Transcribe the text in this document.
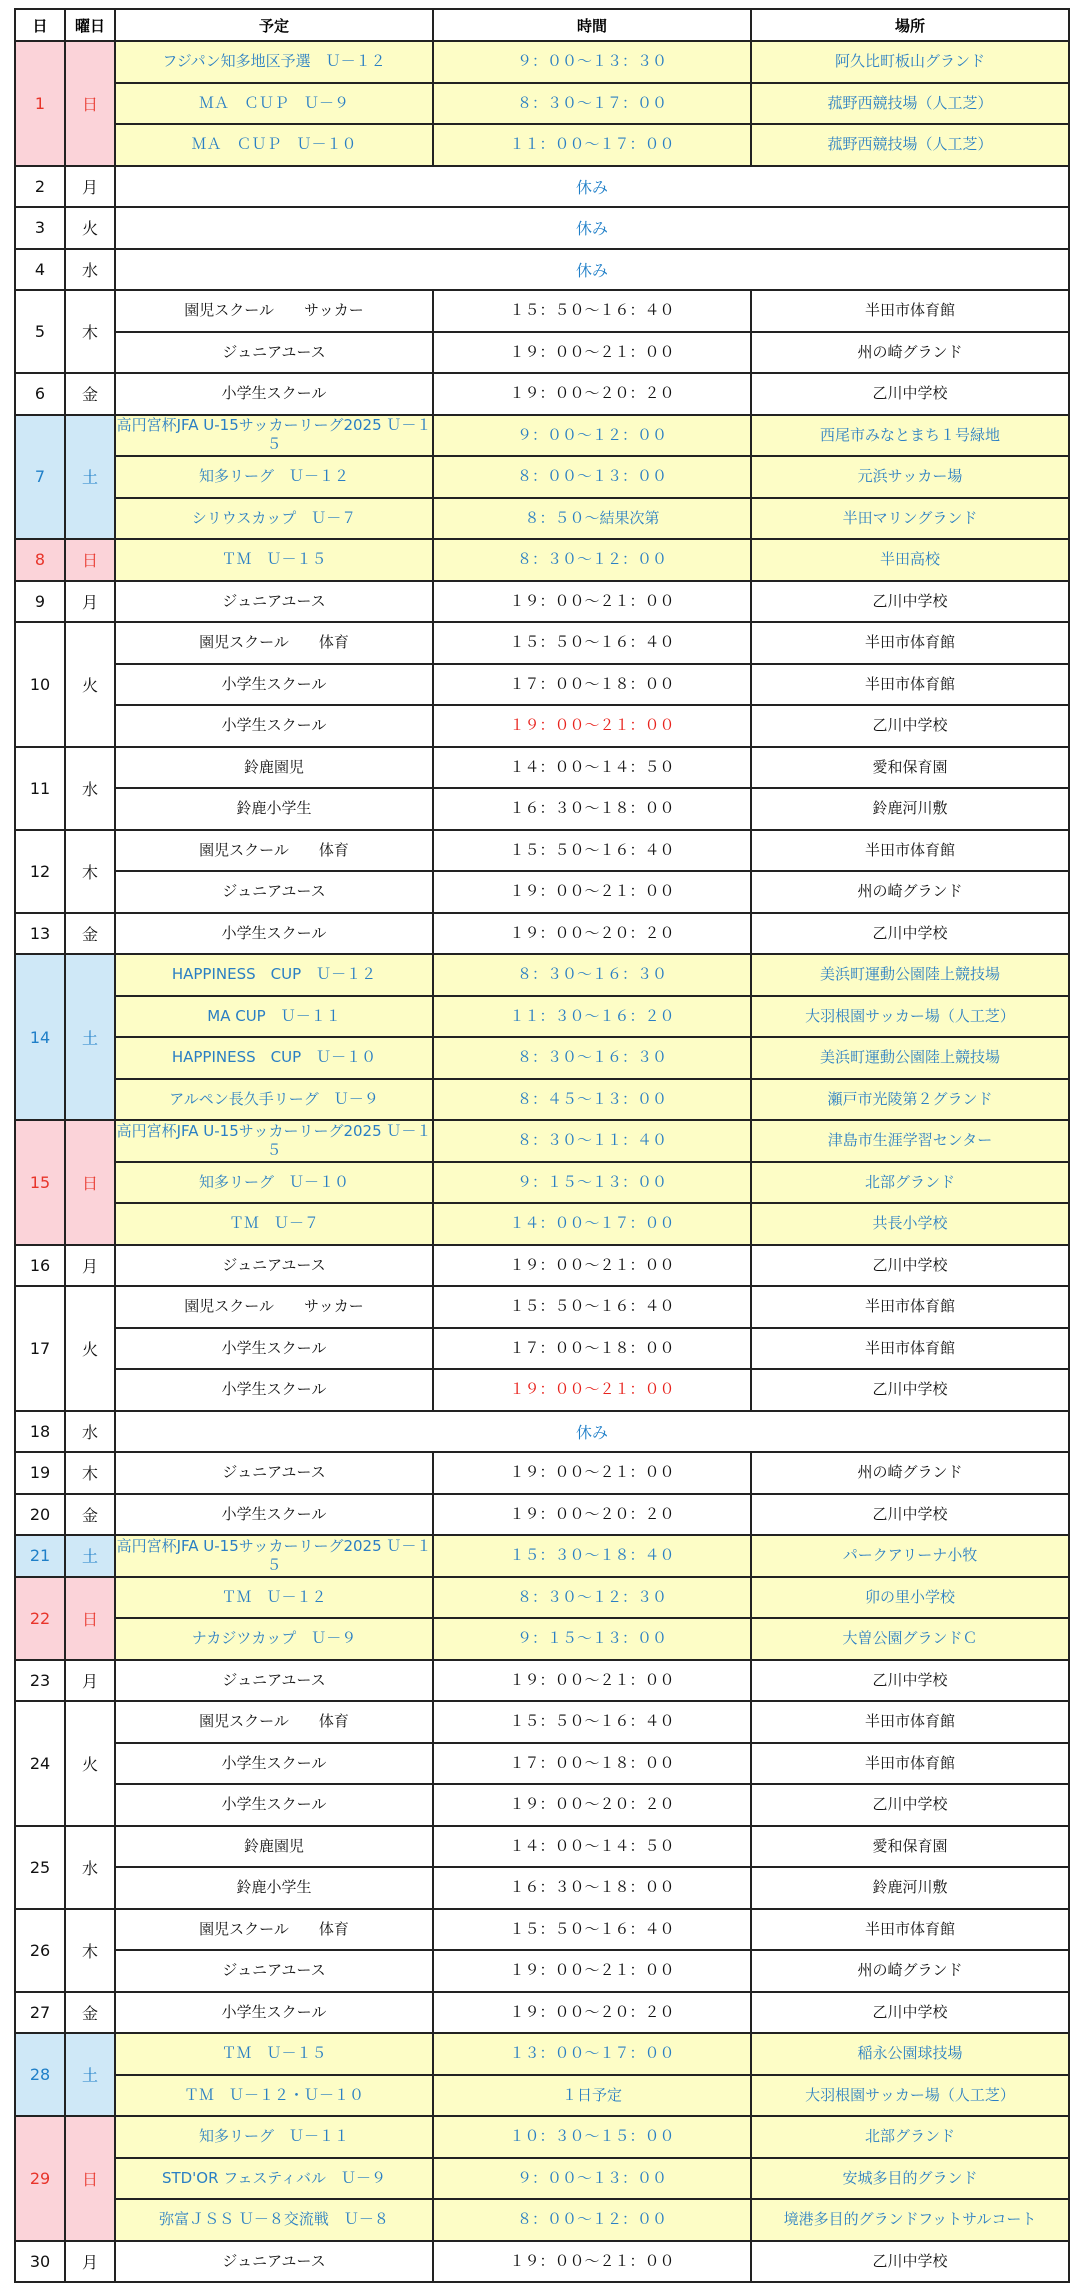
日	曜日	予定	時間	場所
1	日	フジパン知多地区予選　Ｕ－１２	９：００～１３：３０	阿久比町板山グランド
		ＭＡ　ＣＵＰ　Ｕ－９	８：３０～１７：００	菰野西競技場（人工芝）
		ＭＡ　ＣＵＰ　Ｕ－１０	１１：００～１７：００	菰野西競技場（人工芝）
2	月	休み		
3	火	休み		
4	水	休み		
5	木	園児スクール　　サッカー	１５：５０～１６：４０	半田市体育館
		ジュニアユース	１９：００～２１：００	州の崎グランド
6	金	小学生スクール	１９：００～２０：２０	乙川中学校
7	土	高円宮杯JFA U-15サッカーリーグ2025 Ｕ－１５	９：００～１２：００	西尾市みなとまち１号緑地
		知多リーグ　Ｕ－１２	８：００～１３：００	元浜サッカー場
		シリウスカップ　Ｕ－７	８：５０～結果次第	半田マリングランド
8	日	ＴＭ　Ｕ－１５	８：３０～１２：００	半田高校
9	月	ジュニアユース	１９：００～２１：００	乙川中学校
10	火	園児スクール　　体育	１５：５０～１６：４０	半田市体育館
		小学生スクール	１７：００～１８：００	半田市体育館
		小学生スクール	１９：００～２１：００	乙川中学校
11	水	鈴鹿園児	１４：００～１４：５０	愛和保育園
		鈴鹿小学生	１６：３０～１８：００	鈴鹿河川敷
12	木	園児スクール　　体育	１５：５０～１６：４０	半田市体育館
		ジュニアユース	１９：００～２１：００	州の崎グランド
13	金	小学生スクール	１９：００～２０：２０	乙川中学校
14	土	HAPPINESS　CUP　Ｕ－１２	８：３０～１６：３０	美浜町運動公園陸上競技場
		MA CUP　Ｕ－１１	１１：３０～１６：２０	大羽根園サッカー場（人工芝）
		HAPPINESS　CUP　Ｕ－１０	８：３０～１６：３０	美浜町運動公園陸上競技場
		アルペン長久手リーグ　Ｕ－９	８：４５～１３：００	瀬戸市光陵第２グランド
15	日	高円宮杯JFA U-15サッカーリーグ2025 Ｕ－１５	８：３０～１１：４０	津島市生涯学習センター
		知多リーグ　Ｕ－１０	９：１５～１３：００	北部グランド
		ＴＭ　Ｕ－７	１４：００～１７：００	共長小学校
16	月	ジュニアユース	１９：００～２１：００	乙川中学校
17	火	園児スクール　　サッカー	１５：５０～１６：４０	半田市体育館
		小学生スクール	１７：００～１８：００	半田市体育館
		小学生スクール	１９：００～２１：００	乙川中学校
18	水	休み		
19	木	ジュニアユース	１９：００～２１：００	州の崎グランド
20	金	小学生スクール	１９：００～２０：２０	乙川中学校
21	土	高円宮杯JFA U-15サッカーリーグ2025 Ｕ－１５	１５：３０～１８：４０	パークアリーナ小牧
22	日	ＴＭ　Ｕ－１２	８：３０～１２：３０	卯の里小学校
		ナカジツカップ　Ｕ－９	９：１５～１３：００	大曽公園グランドＣ
23	月	ジュニアユース	１９：００～２１：００	乙川中学校
24	火	園児スクール　　体育	１５：５０～１６：４０	半田市体育館
		小学生スクール	１７：００～１８：００	半田市体育館
		小学生スクール	１９：００～２０：２０	乙川中学校
25	水	鈴鹿園児	１４：００～１４：５０	愛和保育園
		鈴鹿小学生	１６：３０～１８：００	鈴鹿河川敷
26	木	園児スクール　　体育	１５：５０～１６：４０	半田市体育館
		ジュニアユース	１９：００～２１：００	州の崎グランド
27	金	小学生スクール	１９：００～２０：２０	乙川中学校
28	土	ＴＭ　Ｕ－１５	１３：００～１７：００	稲永公園球技場
		ＴＭ　Ｕ－１２・Ｕ－１０	１日予定	大羽根園サッカー場（人工芝）
29	日	知多リーグ　Ｕ－１１	１０：３０～１５：００	北部グランド
		STD'OR フェスティバル　Ｕ－９	９：００～１３：００	安城多目的グランド
		弥富ＪＳＳ Ｕ－８交流戦　Ｕ－８	８：００～１２：００	境港多目的グランドフットサルコート
30	月	ジュニアユース	１９：００～２１：００	乙川中学校
